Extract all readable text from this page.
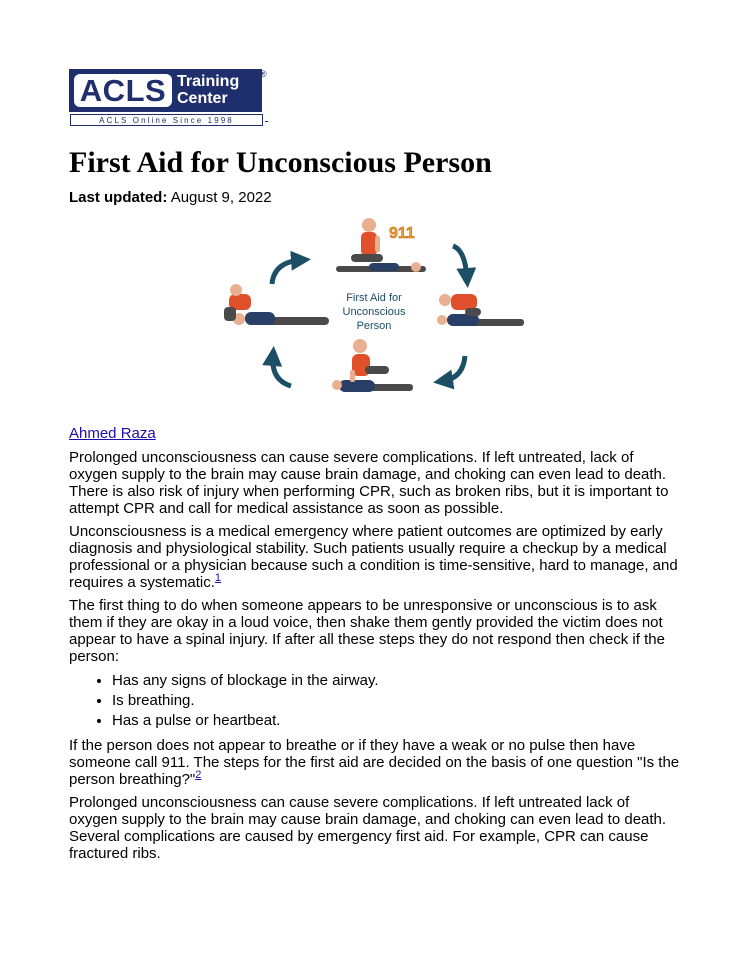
ACLS Training
Center
®
ACLS Online Since 1998
First Aid for Unconscious Person
Last updated: August 9, 2022
911
First Aid for
Unconscious
Person
Ahmed Raza

Prolonged unconsciousness can cause severe complications. If left untreated, lack of oxygen supply to the brain may cause brain damage, and choking can even lead to death. There is also risk of injury when performing CPR, such as broken ribs, but it is important to attempt CPR and call for medical assistance as soon as possible.

Unconsciousness is a medical emergency where patient outcomes are optimized by early diagnosis and physiological stability. Such patients usually require a checkup by a medical professional or a physician because such a condition is time-sensitive, hard to manage, and requires a systematic.$^1$

The first thing to do when someone appears to be unresponsive or unconscious is to ask them if they are okay in a loud voice, then shake them gently provided the victim does not appear to have a spinal injury. If after all these steps they do not respond then check if the person:

• Has any signs of blockage in the airway.
• Is breathing.
• Has a pulse or heartbeat.

If the person does not appear to breathe or if they have a weak or no pulse then have someone call 911. The steps for the first aid are decided on the basis of one question "Is the person breathing?"$^2$

Prolonged unconsciousness can cause severe complications. If left untreated lack of oxygen supply to the brain may cause brain damage, and choking can even lead to death. Several complications are caused by emergency first aid. For example, CPR can cause fractured ribs.
